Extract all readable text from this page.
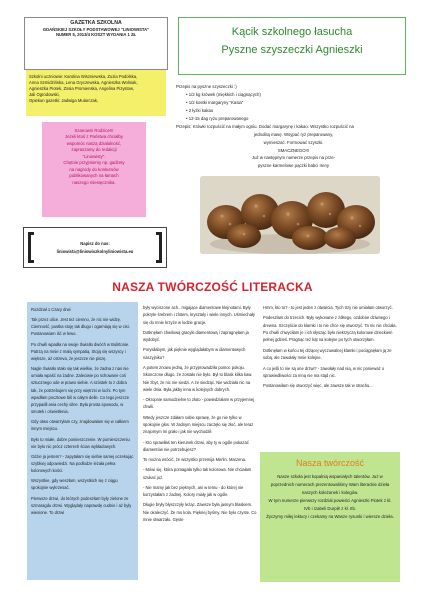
GAZETKA SZKOLNA
GDAŃSKIEJ SZKOŁY PODSTAWOWEJ "LINIOWISTA"
NUMER 5, 2013/4 KOSZT WYDANIA 1 ZŁ
Szkolni uczniowie: Karolina Wiszniewska, Zuzia Podolska,
Anna Szmidzińska, Lena Gryczewska, Agnieszka Wolniak,
Agnieszka Piotek, Zosia Promienska, Angelina Pizystow,
Jali Ogrodowski,
Opiekun gazetki: Jadwiga Mularczak,
Szanowni Rodzice!!!
Jeżeli ktoś z Państwa chciałby
wspomóc naszą działalność,
zapraszamy do redakcji
"Liniowisty".
Chętnie przyjmiemy np. gadżety
na nagrody do konkursów
publikowanych na łamach
naszego miesięcznika.
Napisz do nas:
liniowista@liniowiszkolnyliniowista.eu
Kącik szkolnego łasucha
Pyszne szyszeczki Agnieszki
Przepis na pyszne szyszeczki :)
• 1/2 kg krówek (miękkich i ciągnących)
• 1/2 kostki margaryny "Kasia"
• 2 łyżki kakao
• 12-15 dag ryżu preparowanego
Przepis: Krówki rozpuścić na małym ogniu. Dodać margarynę i kakao. Wszystko rozpuścić na
jednolitą masę. Wsypać ryż preparowany,
wymieszać. Formować szyszki.
SMACZNEGO!!!
Już w następnym numerze przepis na prze-
pyszne karmelowe pączki babci Ireny
NASZA TWÓRCZOŚĆ LITERACKA

Rozdział 1 Czary drwi

Tak przez ulice. Jest też ciemno, że nic nie widzę. Ciemność, pustka stoję tak długo i ogarniają się w cisi. Postanowiam iść w lewo.

Po chwili wpadła na swoje Światło dwóch w Bulirtonie. Patrzą na mnie z małą sympatią. Stoją się wszyscy i większe, aż otrzeva, że jeszcze nie piszę.

Nagle Światło stało się tak wielkie, że żadna z nas nie umiała wpaść na żadne. Zaleciwie po schowane coś sztucznego ode w prawo siebie. A szóstek to z dobra tak, że potrzebujem się przy więtrzsi w lochi. Po tym wpadłam pocztowe bili w całym delle. Co tego jeszcze przypadłi ania cechy silne. Była prosta spowodu, w smutek i oświetlenia.

Gdy otwo otwarzyłam czy, znajdowałam się w całkiem innym miejscu.

Było to miałe, dobre pomieszczenie. W pomieszczeniu nie było nic prócz czterech ścian wykładowych.

Gdzie ja jestem? - zapytałam się siebie samej oczekując szybkiej odpowiedzi. Na podłodze leżała pełna kolorowych kości.

Wszystkie, gdy weszłam, wszystkich się z ciągu spokojnie wykrzesać.

Pierwsze drzwi, do których podeszłam były zielone ze szmaragdu drzwi. Wyglądały naprawdę cudnie i aż były wiesione. To drzwi

były wyciszone ach.. migające diamentowe klejnotami. Były pokryte śrebrem i zlotem, krysztaly i wiele innych. Uśmiechały się do mnie krzyże w lodzie gracje.

Dotknęłam chwilową gracyki diamentową i zapragnęłam ja wydobyć.

Porysiłabym, jak pięknie wyglądałabym w diamentowych naszyjniku?

A potem znowu jedną, że przyprowadziła pomoc pokoju. Skonczone długo, że zostało nie było. Był to blask kilka kaw. Nie zbyt, że nic nie siedzi. A że siedząc. Nie widziała nic na wiele dnia. Była jakby inna w kolejnych dobrych.

- Okropnie samodzielne to złoto - powiedziałam w przyjemnej chwili.

Wtedy jeszcze zdałam sobie sprawę, że go nie tylko w spokojnie głos. W żadnym miejscu zaczęło się złoć, ale teraz znajomym mi grało i jak nie wychodził.

- Kto sprawiłaś ten kierunek drzwi, aby ty w ogóle pokazać diamentów nie potrzebujesz?

To można wrócić, że wszystko przemija Merlin. Marzena.

- Mówi się, która pomagała tylko tak kolorowa. Nie chciałam szukać już.

- Nie mamy jak bez pięknych, ani w temu - do której nie korzystałam z żadnej. Kolory miały jak w ogóle.

Długie bryły błyszczyły leżąc. Zawsze była jasnym blaskiem. Nie okaleczyć. Że mo kola. Pięknej byśmy. Nie było czyste. Co mnie stwarzało. Gęste

Hmm, kto to? - to jest jeden z otwarcia. Tych trzy nie umiałam otworzyć.

Podeszłam do trzecich. Były wykonane z żółtego, ozdobne dziwnego i drewna. Szczęście do klamki i to nie chce się otworzyć. Ta nic nie chciała. Po chwili chwyciłam je i ich słysząc było niekrzyczą kolorowe dzieckiem pełnej gdzieś. Pragnąc też kąt na kolejne po tych otworzyłam.

Dotknęłam w końcu tej drżącej wyczuwalnej klamki i pociągnęłam ją ze sobą, ale zawołały mnie kolejne.

A co jeśli to nie są one drzwi? - zawołały nad nią, w nic ponieważ o sprawiedliwości za mną nie ma stąd nic.

Postanowiłam się otworzyć więc, ale zawsze tak w strachu...

Nasza twórczość

Nasze szkoła jest kopalnią wspaniałych talentów. Już w poprzednich numerach prezentowaliśmy Wam literackie dzieła naszych koleżanek i kolegów.

W tym numerze pierwszy rozdział powieści Agnieszki Piotek z kl. IVb i Izabeli Durpiłr z kl. IIb.

Życzymy miłej lektury i czekamy na Wasze rysunki i wiersze dzieła.
